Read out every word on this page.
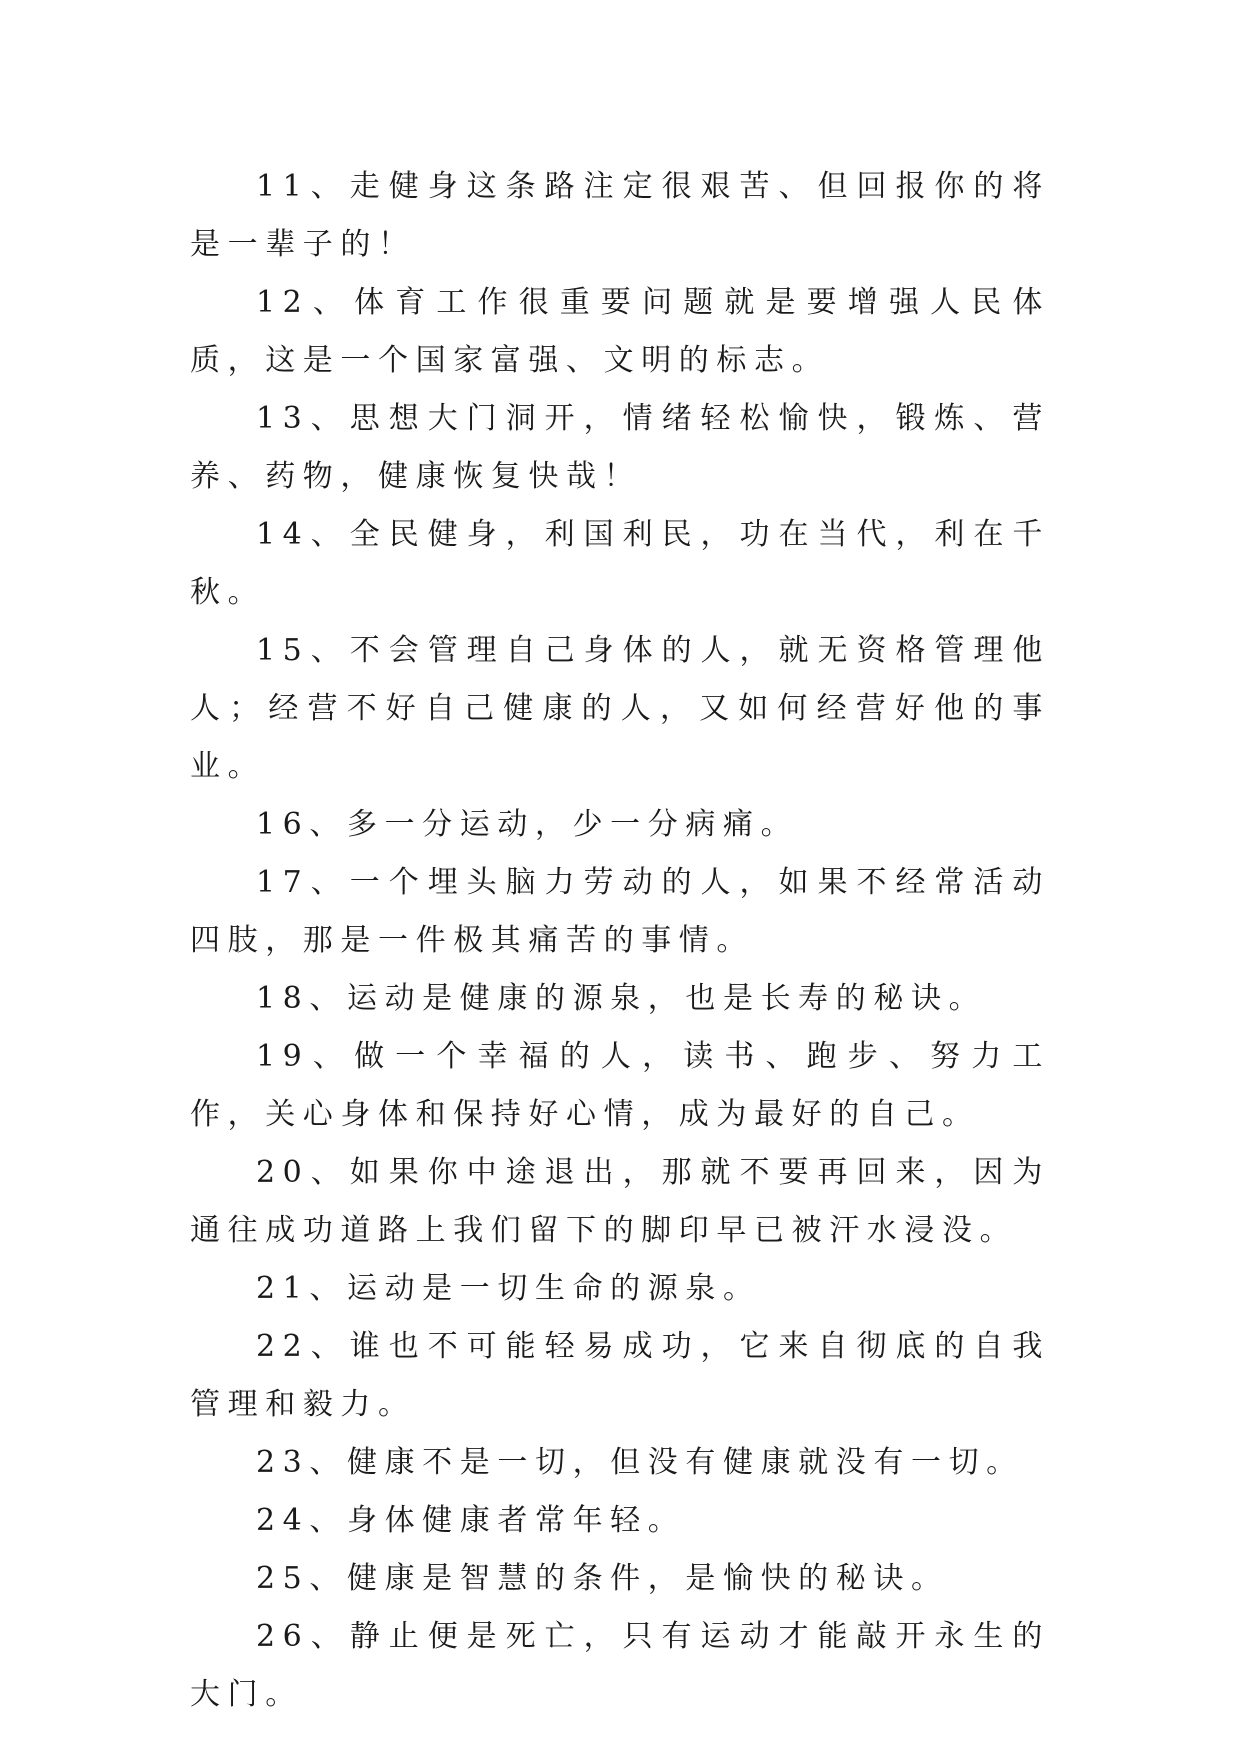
11、走健身这条路注定很艰苦、但回报你的将是一辈子的！

12、体育工作很重要问题就是要增强人民体质，这是一个国家富强、文明的标志。

13、思想大门洞开，情绪轻松愉快，锻炼、营养、药物，健康恢复快哉！

14、全民健身，利国利民，功在当代，利在千秋。

15、不会管理自己身体的人，就无资格管理他人；经营不好自己健康的人，又如何经营好他的事业。

16、多一分运动，少一分病痛。

17、一个埋头脑力劳动的人，如果不经常活动四肢，那是一件极其痛苦的事情。

18、运动是健康的源泉，也是长寿的秘诀。

19、做一个幸福的人，读书、跑步、努力工作，关心身体和保持好心情，成为最好的自己。

20、如果你中途退出，那就不要再回来，因为通往成功道路上我们留下的脚印早已被汗水浸没。

21、运动是一切生命的源泉。

22、谁也不可能轻易成功，它来自彻底的自我管理和毅力。

23、健康不是一切，但没有健康就没有一切。

24、身体健康者常年轻。

25、健康是智慧的条件，是愉快的秘诀。

26、静止便是死亡，只有运动才能敲开永生的大门。
